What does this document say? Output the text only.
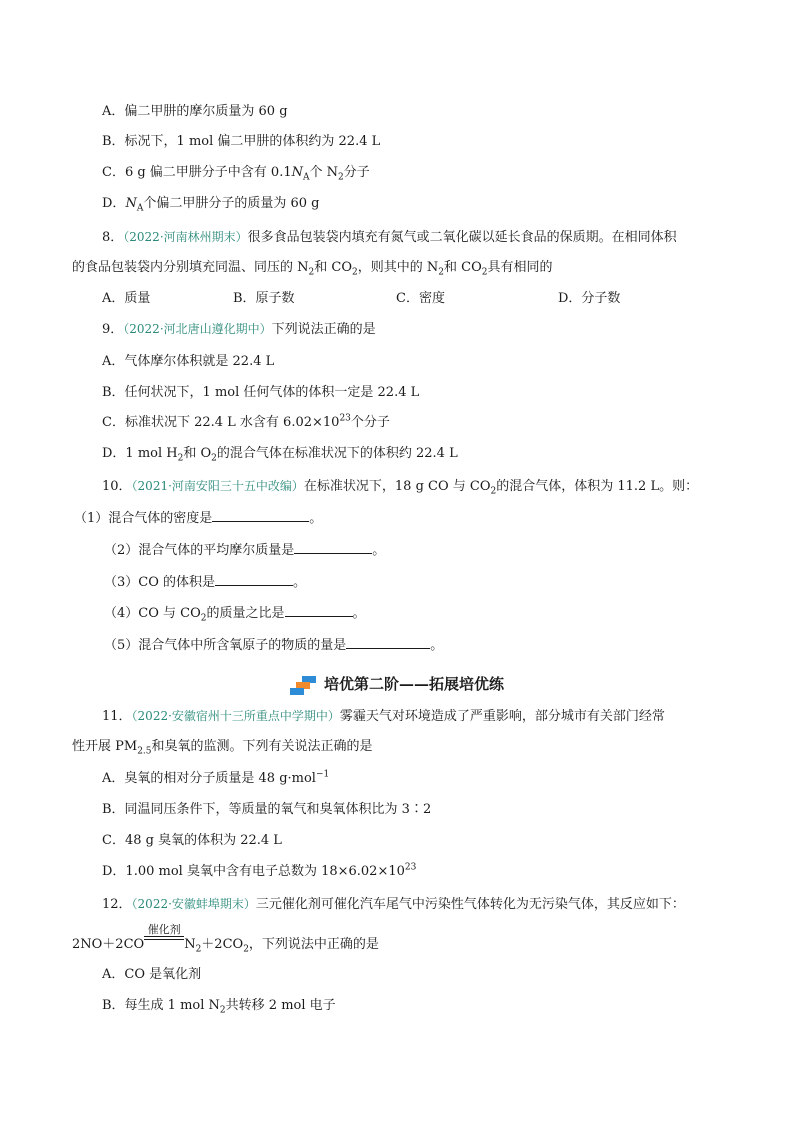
A．偏二甲肼的摩尔质量为 60 g
B．标况下，1 mol 偏二甲肼的体积约为 22.4 L
C．6 g 偏二甲肼分子中含有 $0.1N_A$个 $N_2$分子
D．$N_A$个偏二甲肼分子的质量为 60 g
8．（2022·河南林州期末）很多食品包装袋内填充有氮气或二氧化碳以延长食品的保质期。在相同体积
的食品包装袋内分别填充同温、同压的 $N_2$和 $CO_2$，则其中的 $N_2$和 $CO_2$具有相同的
A．质量	B．原子数	C．密度	D．分子数
9．（2022·河北唐山遵化期中）下列说法正确的是
A．气体摩尔体积就是 22.4 L
B．任何状况下，1 mol 任何气体的体积一定是 22.4 L
C．标准状况下 22.4 L 水含有 $6.02\times 10^{23}$个分子
D．1 mol $H_2$和 $O_2$的混合气体在标准状况下的体积约 22.4 L
10．（2021·河南安阳三十五中改编）在标准状况下，18 g CO 与 $CO_2$的混合气体，体积为 11.2 L。则：
（1）混合气体的密度是	。
（2）混合气体的平均摩尔质量是	。
（3）CO 的体积是	。
（4）CO 与 $CO_2$的质量之比是	。
（5）混合气体中所含氧原子的物质的量是	。
培优第二阶——拓展培优练
11．（2022·安徽宿州十三所重点中学期中）雾霾天气对环境造成了严重影响，部分城市有关部门经常
性开展 $PM_{2.5}$和臭氧的监测。下列有关说法正确的是
A．臭氧的相对分子质量是 48 g·mol$^{-1}$
B．同温同压条件下，等质量的氧气和臭氧体积比为 3∶2
C．48 g 臭氧的体积为 22.4 L
D．1.00 mol 臭氧中含有电子总数为 $18\times 6.02\times 10^{23}$
12．（2022·安徽蚌埠期末）三元催化剂可催化汽车尾气中污染性气体转化为无污染气体，其反应如下：
2NO＋2CO
催化剂
$N_2+2CO_2$，下列说法中正确的是
A．CO 是氧化剂
B．每生成 1 mol $N_2$共转移 2 mol 电子
